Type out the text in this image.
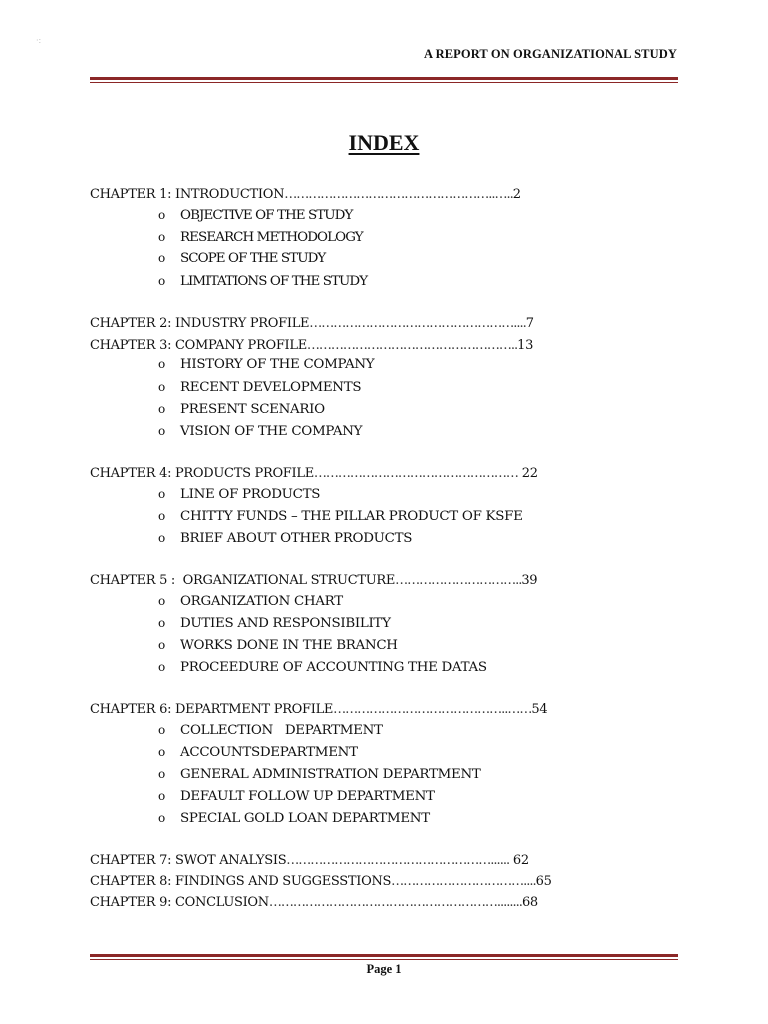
·:
A REPORT ON ORGANIZATIONAL STUDY
INDEX
CHAPTER 1: INTRODUCTION……………………………………………..…..2
o OBJECTIVE OF THE STUDY
o RESEARCH METHODOLOGY
o SCOPE OF THE STUDY
o LIMITATIONS OF THE STUDY
CHAPTER 2: INDUSTRY PROFILE……………………………………………....7
CHAPTER 3: COMPANY PROFILE……………………………………………..13
o HISTORY OF THE COMPANY
o RECENT DEVELOPMENTS
o PRESENT SCENARIO
o VISION OF THE COMPANY
CHAPTER 4: PRODUCTS PROFILE…………………………………………… 22
o LINE OF PRODUCTS
o CHITTY FUNDS – THE PILLAR PRODUCT OF KSFE
o BRIEF ABOUT OTHER PRODUCTS
CHAPTER 5 :  ORGANIZATIONAL STRUCTURE…………………………..39
o ORGANIZATION CHART
o DUTIES AND RESPONSIBILITY
o WORKS DONE IN THE BRANCH
o PROCEEDURE OF ACCOUNTING THE DATAS
CHAPTER 6: DEPARTMENT PROFILE……………………………………..……54
o COLLECTION   DEPARTMENT
o ACCOUNTSDEPARTMENT
o GENERAL ADMINISTRATION DEPARTMENT
o DEFAULT FOLLOW UP DEPARTMENT
o SPECIAL GOLD LOAN DEPARTMENT
CHAPTER 7: SWOT ANALYSIS……………………………………………...... 62
CHAPTER 8: FINDINGS AND SUGGESSTIONS……………………………....65
CHAPTER 9: CONCLUSION…………………………………………………........68
Page 1
